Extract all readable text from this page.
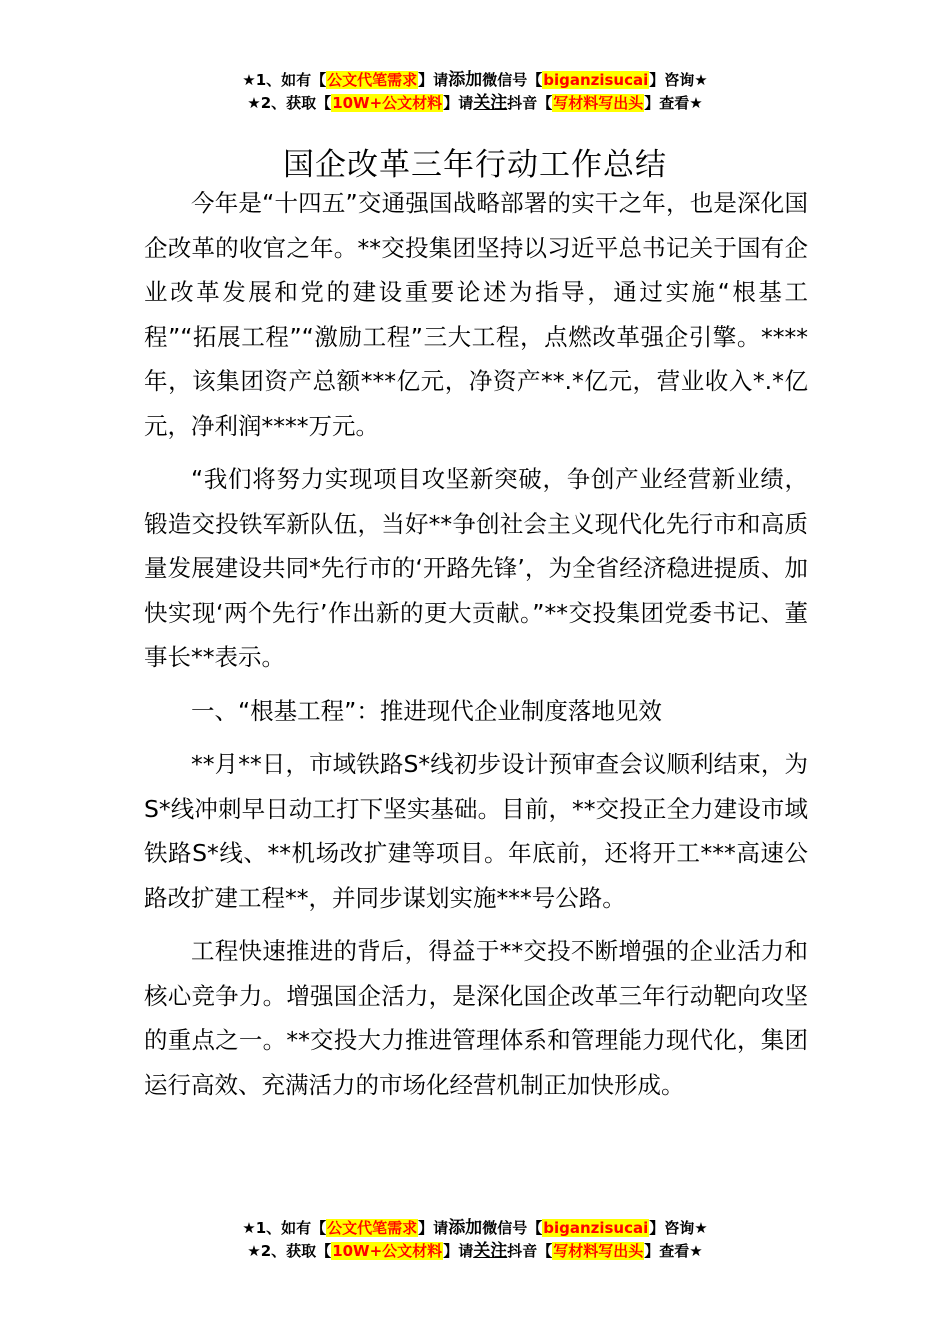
★1、如有【公文代笔需求】请添加微信号【biganzisucai】咨询★
★2、获取【10W+公文材料】请关注抖音【写材料写出头】查看★
国企改革三年行动工作总结

今年是“十四五”交通强国战略部署的实干之年，也是深化国企改革的收官之年。**交投集团坚持以习近平总书记关于国有企业改革发展和党的建设重要论述为指导，通过实施“根基工程”“拓展工程”“激励工程”三大工程，点燃改革强企引擎。****年，该集团资产总额***亿元，净资产**.*亿元，营业收入*.*亿元，净利润****万元。

“我们将努力实现项目攻坚新突破，争创产业经营新业绩，锻造交投铁军新队伍，当好**争创社会主义现代化先行市和高质量发展建设共同*先行市的‘开路先锋’，为全省经济稳进提质、加快实现‘两个先行’作出新的更大贡献。”**交投集团党委书记、董事长**表示。

一、“根基工程”：推进现代企业制度落地见效

**月**日，市域铁路S*线初步设计预审查会议顺利结束，为S*线冲刺早日动工打下坚实基础。目前，**交投正全力建设市域铁路S*线、**机场改扩建等项目。年底前，还将开工***高速公路改扩建工程**，并同步谋划实施***号公路。

工程快速推进的背后，得益于**交投不断增强的企业活力和核心竞争力。增强国企活力，是深化国企改革三年行动靶向攻坚的重点之一。**交投大力推进管理体系和管理能力现代化，集团运行高效、充满活力的市场化经营机制正加快形成。

★1、如有【公文代笔需求】请添加微信号【biganzisucai】咨询★
★2、获取【10W+公文材料】请关注抖音【写材料写出头】查看★
